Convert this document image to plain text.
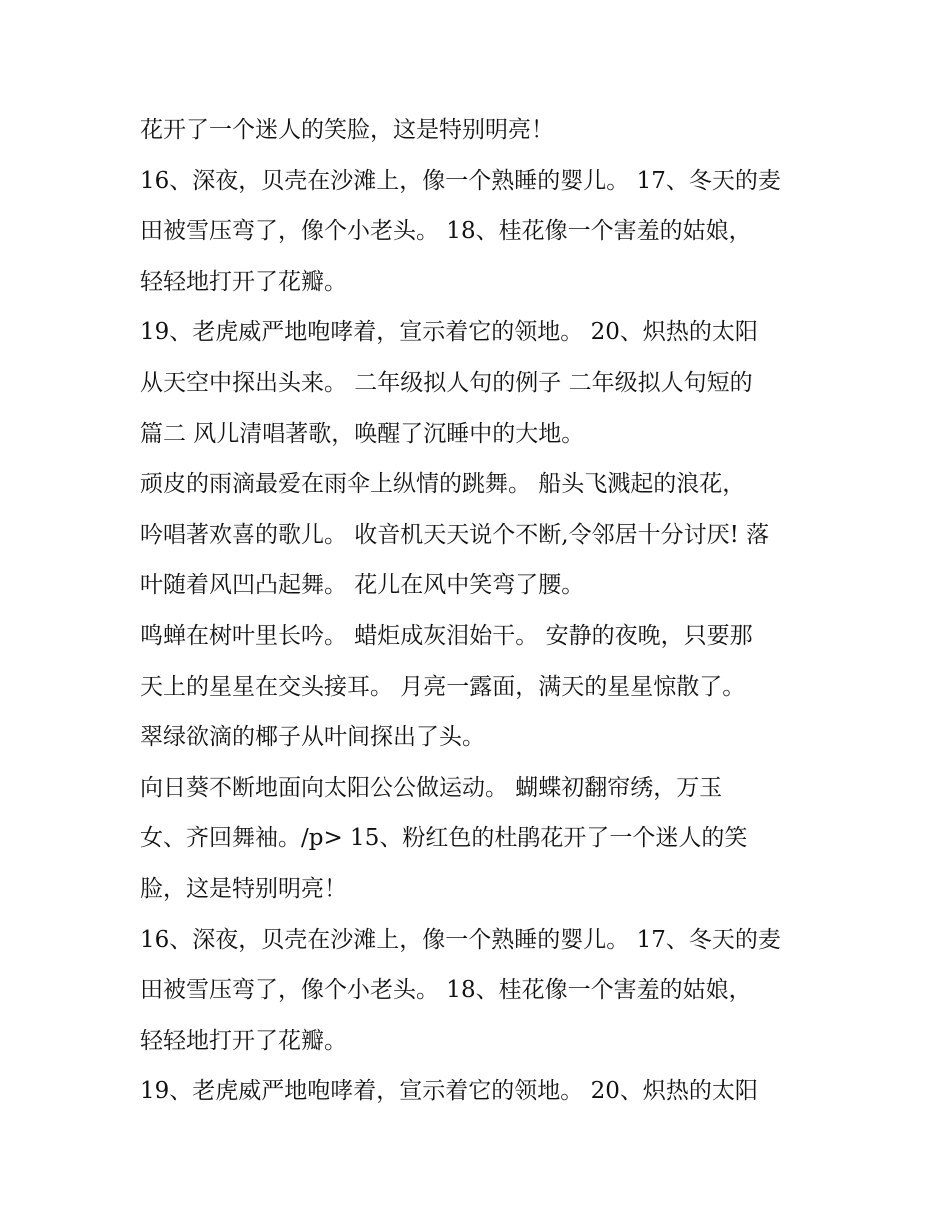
花开了一个迷人的笑脸，这是特别明亮！
16、深夜，贝壳在沙滩上，像一个熟睡的婴儿。 17、冬天的麦
田被雪压弯了，像个小老头。 18、桂花像一个害羞的姑娘，
轻轻地打开了花瓣。
19、老虎威严地咆哮着，宣示着它的领地。 20、炽热的太阳
从天空中探出头来。 二年级拟人句的例子 二年级拟人句短的
篇二 风儿清唱著歌，唤醒了沉睡中的大地。
顽皮的雨滴最爱在雨伞上纵情的跳舞。 船头飞溅起的浪花，
吟唱著欢喜的歌儿。 收音机天天说个不断,令邻居十分讨厌! 落
叶随着风凹凸起舞。 花儿在风中笑弯了腰。
鸣蝉在树叶里长吟。 蜡炬成灰泪始干。 安静的夜晚，只要那
天上的星星在交头接耳。 月亮一露面，满天的星星惊散了。
翠绿欲滴的椰子从叶间探出了头。
向日葵不断地面向太阳公公做运动。 蝴蝶初翻帘绣，万玉
女、齐回舞袖。/p> 15、粉红色的杜鹃花开了一个迷人的笑
脸，这是特别明亮！
16、深夜，贝壳在沙滩上，像一个熟睡的婴儿。 17、冬天的麦
田被雪压弯了，像个小老头。 18、桂花像一个害羞的姑娘，
轻轻地打开了花瓣。
19、老虎威严地咆哮着，宣示着它的领地。 20、炽热的太阳
